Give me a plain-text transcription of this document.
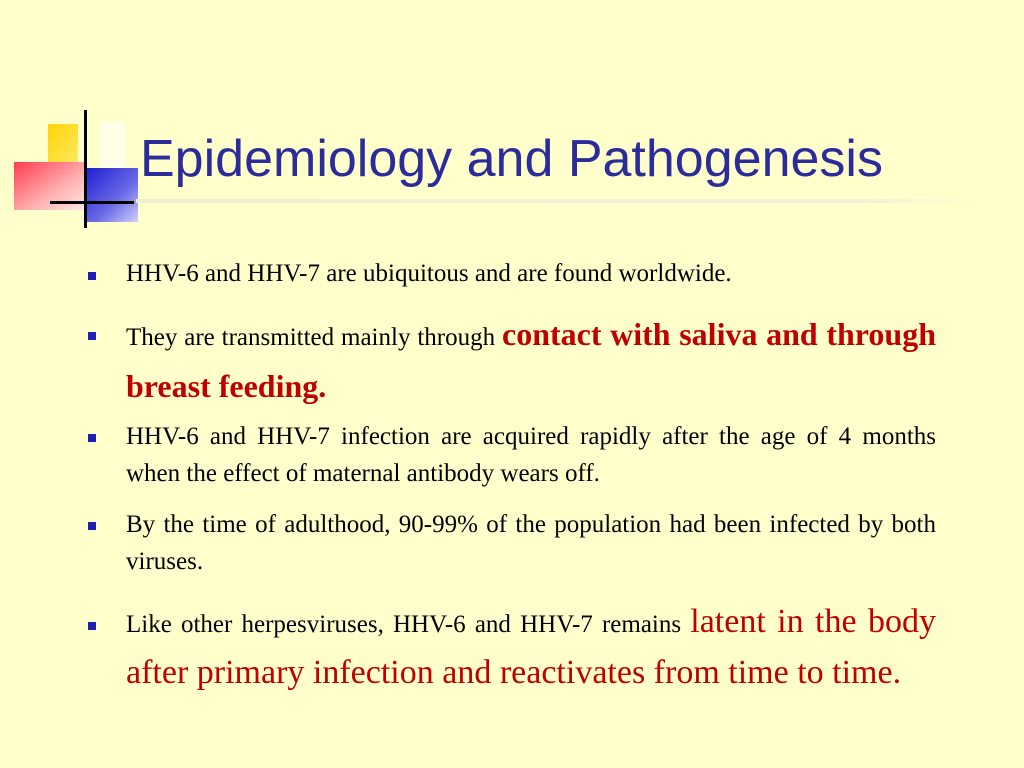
Epidemiology and Pathogenesis

HHV-6 and HHV-7 are ubiquitous and are found worldwide.

They are transmitted mainly through contact with saliva and through breast feeding.

HHV-6 and HHV-7 infection are acquired rapidly after the age of 4 months when the effect of maternal antibody wears off.

By the time of adulthood, 90-99% of the population had been infected by both viruses.

Like other herpesviruses, HHV-6 and HHV-7 remains latent in the body after primary infection and reactivates from time to time.
